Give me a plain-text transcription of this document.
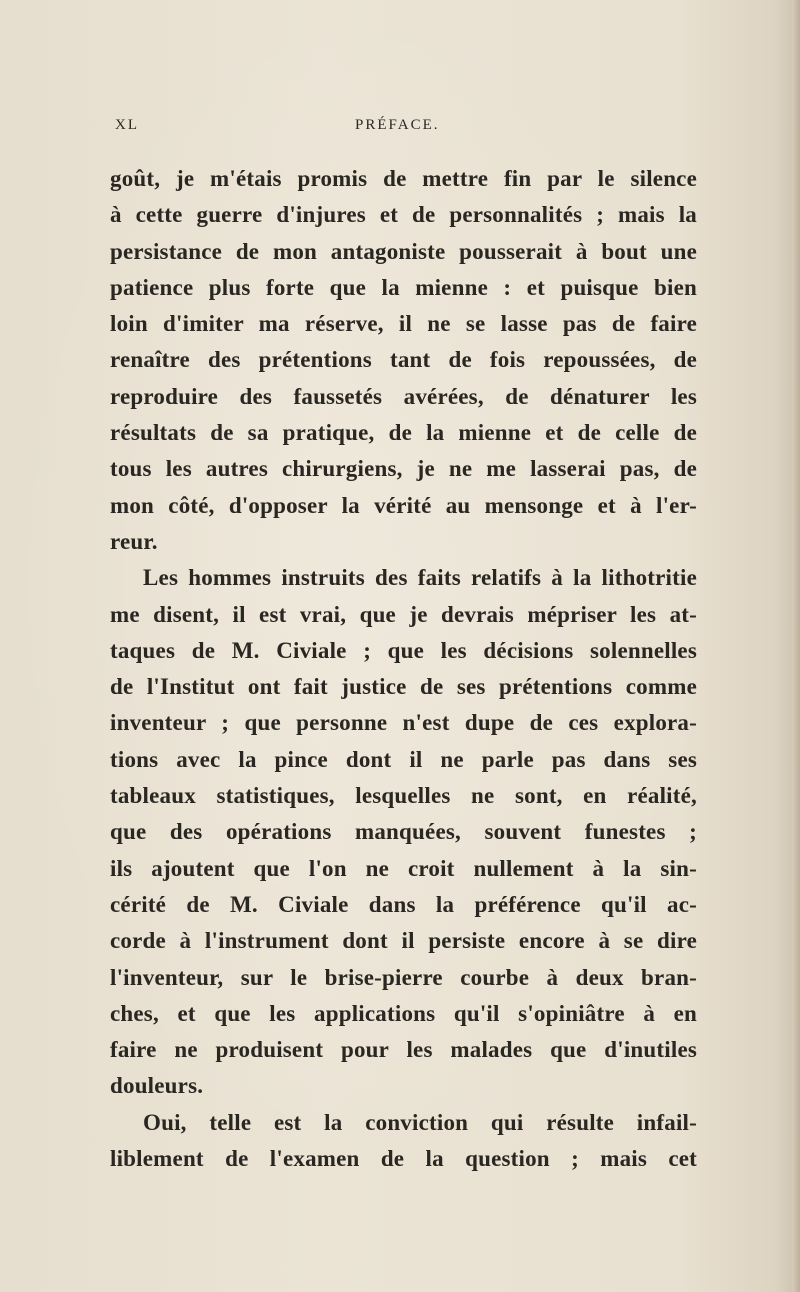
XL	PRÉFACE.
goût, je m'étais promis de mettre fin par le silence
à cette guerre d'injures et de personnalités ; mais la
persistance de mon antagoniste pousserait à bout une
patience plus forte que la mienne : et puisque bien
loin d'imiter ma réserve, il ne se lasse pas de faire
renaître des prétentions tant de fois repoussées, de
reproduire des faussetés avérées, de dénaturer les
résultats de sa pratique, de la mienne et de celle de
tous les autres chirurgiens, je ne me lasserai pas, de
mon côté, d'opposer la vérité au mensonge et à l'er-
reur.
Les hommes instruits des faits relatifs à la lithotritie
me disent, il est vrai, que je devrais mépriser les at-
taques de M. Civiale ; que les décisions solennelles
de l'Institut ont fait justice de ses prétentions comme
inventeur ; que personne n'est dupe de ces explora-
tions avec la pince dont il ne parle pas dans ses
tableaux statistiques, lesquelles ne sont, en réalité,
que des opérations manquées, souvent funestes ;
ils ajoutent que l'on ne croit nullement à la sin-
cérité de M. Civiale dans la préférence qu'il ac-
corde à l'instrument dont il persiste encore à se dire
l'inventeur, sur le brise-pierre courbe à deux bran-
ches, et que les applications qu'il s'opiniâtre à en
faire ne produisent pour les malades que d'inutiles
douleurs.
Oui, telle est la conviction qui résulte infail-
liblement de l'examen de la question ; mais cet
